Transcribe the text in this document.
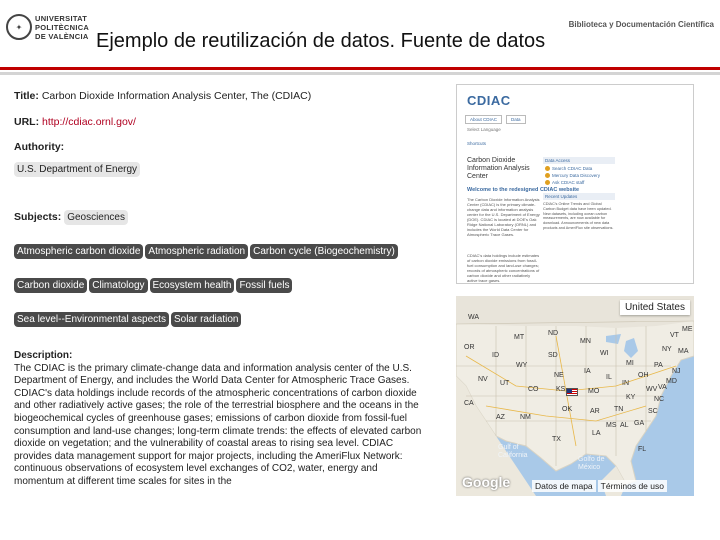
✦
UNIVERSITAT
POLITÈCNICA
DE VALÈNCIA
Biblioteca y Documentación Científica
Ejemplo de reutilización de datos. Fuente de datos
Title: Carbon Dioxide Information Analysis Center, The (CDIAC)
URL: http://cdiac.ornl.gov/
Authority:
U.S. Department of Energy
Subjects: Geosciences
Atmospheric carbon dioxide Atmospheric radiation Carbon cycle (Biogeochemistry)
Carbon dioxide Climatology Ecosystem health Fossil fuels
Sea level--Environmental aspects Solar radiation
Description:
The CDIAC is the primary climate-change data and information analysis center of the U.S. Department of Energy, and includes the World Data Center for Atmospheric Trace Gases. CDIAC's data holdings include records of the atmospheric concentrations of carbon dioxide and other radiatively active gases; the role of the terrestrial biosphere and the oceans in the biogeochemical cycles of greenhouse gases; emissions of carbon dioxide from fossil-fuel consumption and land-use changes; long-term climate trends: the effects of elevated carbon dioxide on vegetation; and the vulnerability of coastal areas to rising sea level. CDIAC provides data management support for major projects, including the AmeriFlux Network: continuous observations of ecosystem level exchanges of CO2, water, energy and momentum at different time scales for sites in the
CDIAC
About CDIAC	Data
Select Language
Shortcuts
Carbon Dioxide Information Analysis Center
Welcome to the redesigned CDIAC website
The Carbon Dioxide Information Analysis Center (CDIAC) is the primary climate-change data and information analysis center for the U.S. Department of Energy (DOE). CDIAC is located at DOE's Oak Ridge National Laboratory (ORNL) and includes the World Data Center for Atmospheric Trace Gases.
CDIAC's data holdings include estimates of carbon dioxide emissions from fossil-fuel consumption and land-use changes; records of atmospheric concentrations of carbon dioxide and other radiatively active trace gases.
Data Access
Search CDIAC Data
Mercury Data Discovery
Ask CDIAC staff
Recent Updates
CDIAC's Online Trends and Global Carbon Budget data have been updated. New datasets, including ocean carbon measurements, are now available for download. Announcements of new data products and AmeriFlux site observations.
United States
WA
MT
ND
OR
ID	SD
WY
NE
NV
UT
CO	KS
CA
AZ NM
OK
TX
MN
WI
IA
MO
AR
LA
IL
MI
IN
OH
KY
TN
MS AL GA
FL
SC
NC
VA
WV
PA
NY
ME
VT
MA
NJ
MD
Gulf of California
Golfo de México
Google	Datos de mapa Términos de uso
